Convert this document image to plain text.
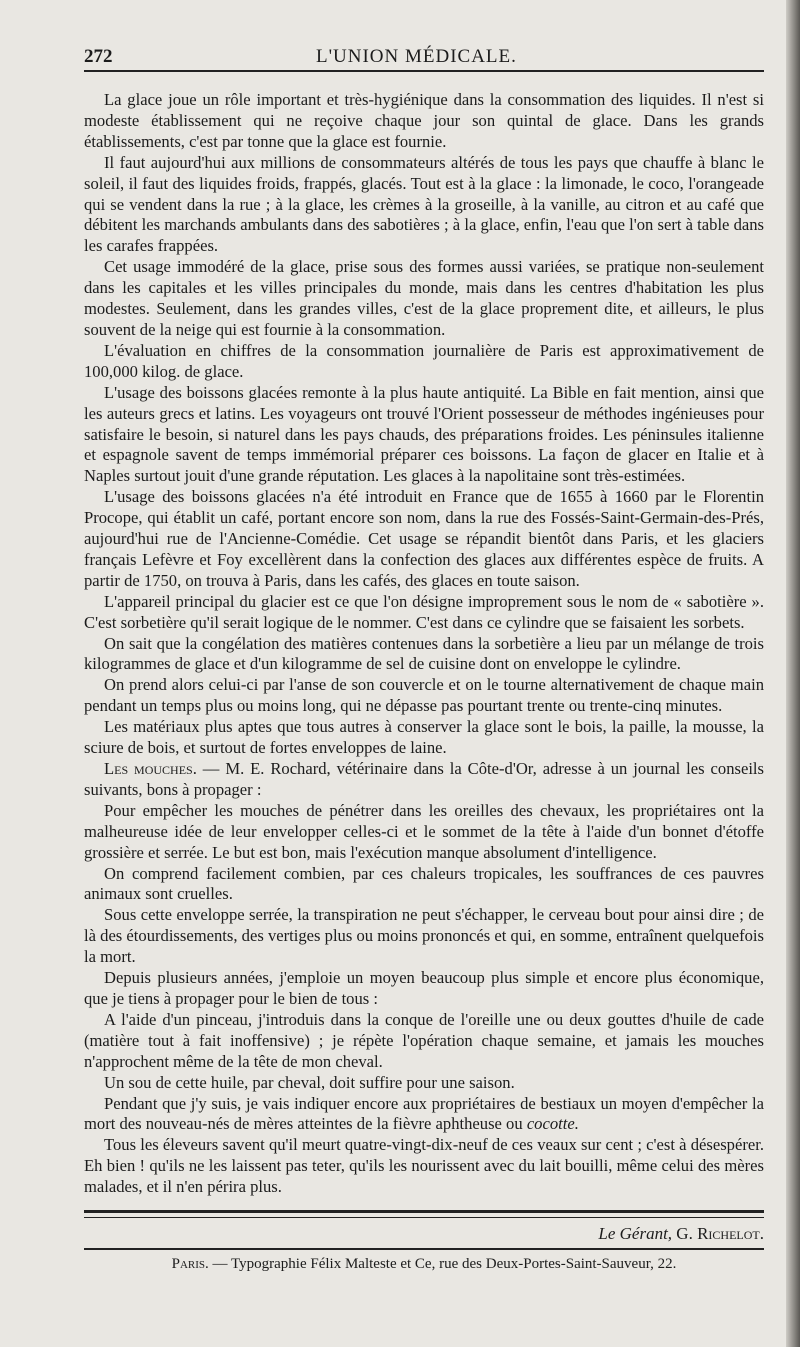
272	L'UNION MÉDICALE.

La glace joue un rôle important et très-hygiénique dans la consommation des liquides. Il n'est si modeste établissement qui ne reçoive chaque jour son quintal de glace. Dans les grands établissements, c'est par tonne que la glace est fournie.

Il faut aujourd'hui aux millions de consommateurs altérés de tous les pays que chauffe à blanc le soleil, il faut des liquides froids, frappés, glacés. Tout est à la glace : la limonade, le coco, l'orangeade qui se vendent dans la rue ; à la glace, les crèmes à la groseille, à la vanille, au citron et au café que débitent les marchands ambulants dans des sabotières ; à la glace, enfin, l'eau que l'on sert à table dans les carafes frappées.

Cet usage immodéré de la glace, prise sous des formes aussi variées, se pratique non-seulement dans les capitales et les villes principales du monde, mais dans les centres d'habitation les plus modestes. Seulement, dans les grandes villes, c'est de la glace proprement dite, et ailleurs, le plus souvent de la neige qui est fournie à la consommation.

L'évaluation en chiffres de la consommation journalière de Paris est approximativement de 100,000 kilog. de glace.

L'usage des boissons glacées remonte à la plus haute antiquité. La Bible en fait mention, ainsi que les auteurs grecs et latins. Les voyageurs ont trouvé l'Orient possesseur de méthodes ingénieuses pour satisfaire le besoin, si naturel dans les pays chauds, des préparations froides. Les péninsules italienne et espagnole savent de temps immémorial préparer ces boissons. La façon de glacer en Italie et à Naples surtout jouit d'une grande réputation. Les glaces à la napolitaine sont très-estimées.

L'usage des boissons glacées n'a été introduit en France que de 1655 à 1660 par le Florentin Procope, qui établit un café, portant encore son nom, dans la rue des Fossés-Saint-Germain-des-Prés, aujourd'hui rue de l'Ancienne-Comédie. Cet usage se répandit bientôt dans Paris, et les glaciers français Lefèvre et Foy excellèrent dans la confection des glaces aux différentes espèce de fruits. A partir de 1750, on trouva à Paris, dans les cafés, des glaces en toute saison.

L'appareil principal du glacier est ce que l'on désigne improprement sous le nom de « sabotière ». C'est sorbetière qu'il serait logique de le nommer. C'est dans ce cylindre que se faisaient les sorbets.

On sait que la congélation des matières contenues dans la sorbetière a lieu par un mélange de trois kilogrammes de glace et d'un kilogramme de sel de cuisine dont on enveloppe le cylindre.

On prend alors celui-ci par l'anse de son couvercle et on le tourne alternativement de chaque main pendant un temps plus ou moins long, qui ne dépasse pas pourtant trente ou trente-cinq minutes.

Les matériaux plus aptes que tous autres à conserver la glace sont le bois, la paille, la mousse, la sciure de bois, et surtout de fortes enveloppes de laine.

Les mouches. — M. E. Rochard, vétérinaire dans la Côte-d'Or, adresse à un journal les conseils suivants, bons à propager :

Pour empêcher les mouches de pénétrer dans les oreilles des chevaux, les propriétaires ont la malheureuse idée de leur envelopper celles-ci et le sommet de la tête à l'aide d'un bonnet d'étoffe grossière et serrée. Le but est bon, mais l'exécution manque absolument d'intelligence.

On comprend facilement combien, par ces chaleurs tropicales, les souffrances de ces pauvres animaux sont cruelles.

Sous cette enveloppe serrée, la transpiration ne peut s'échapper, le cerveau bout pour ainsi dire ; de là des étourdissements, des vertiges plus ou moins prononcés et qui, en somme, entraînent quelquefois la mort.

Depuis plusieurs années, j'emploie un moyen beaucoup plus simple et encore plus économique, que je tiens à propager pour le bien de tous :

A l'aide d'un pinceau, j'introduis dans la conque de l'oreille une ou deux gouttes d'huile de cade (matière tout à fait inoffensive) ; je répète l'opération chaque semaine, et jamais les mouches n'approchent même de la tête de mon cheval.

Un sou de cette huile, par cheval, doit suffire pour une saison.

Pendant que j'y suis, je vais indiquer encore aux propriétaires de bestiaux un moyen d'empêcher la mort des nouveau-nés de mères atteintes de la fièvre aphtheuse ou cocotte.

Tous les éleveurs savent qu'il meurt quatre-vingt-dix-neuf de ces veaux sur cent ; c'est à désespérer. Eh bien ! qu'ils ne les laissent pas teter, qu'ils les nourissent avec du lait bouilli, même celui des mères malades, et il n'en périra plus.

Le Gérant, G. Richelot.
Paris. — Typographie Félix Malteste et Ce, rue des Deux-Portes-Saint-Sauveur, 22.
